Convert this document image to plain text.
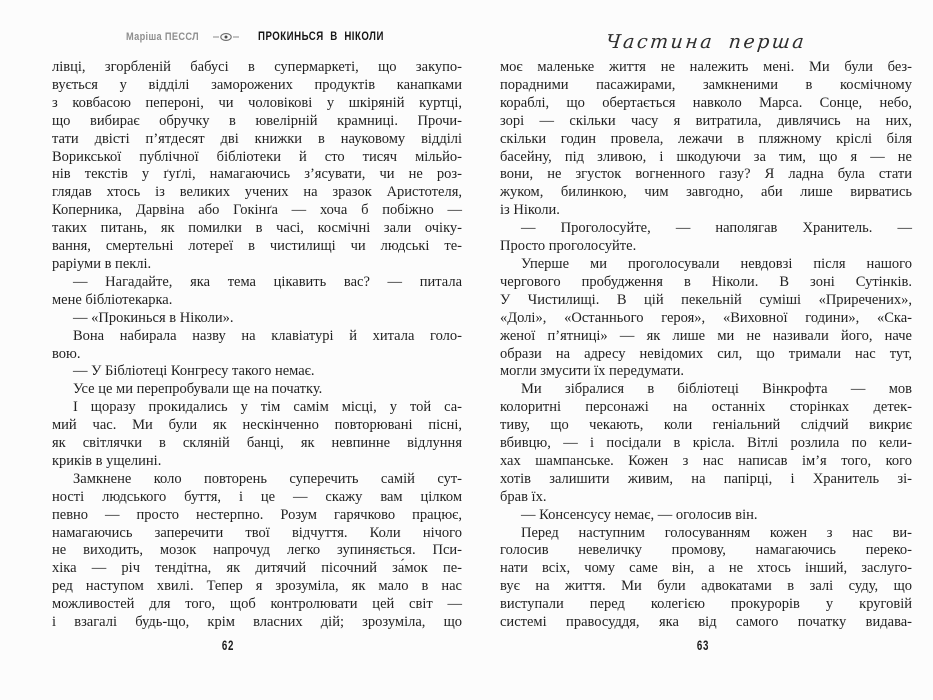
Маріша ПЕССЛ	ПРОКИНЬСЯ В НІКОЛИ
лівці, згорбленій бабусі в супермаркеті, що закупо-
вується у відділі заморожених продуктів канапками
з ковбасою пепероні, чи чоловікові у шкіряній куртці,
що вибирає обручку в ювелірній крамниці. Прочи-
тати двісті п’ятдесят дві книжки в науковому відділі
Ворикської публічної бібліотеки й сто тисяч мільйо-
нів текстів у ґуґлі, намагаючись з’ясувати, чи не роз-
глядав хтось із великих учених на зразок Аристотеля,
Коперника, Дарвіна або Гокінґа — хоча б побіжно —
таких питань, як помилки в часі, космічні зали очіку-
вання, смертельні лотереї в чистилищі чи людські те-
раріуми в пеклі.
— Нагадайте, яка тема цікавить вас? — питала
мене бібліотекарка.
— «Прокинься в Ніколи».
Вона набирала назву на клавіатурі й хитала голо-
вою.
— У Бібліотеці Конгресу такого немає.
Усе це ми перепробували ще на початку.
І щоразу прокидались у тім самім місці, у той са-
мий час. Ми були як нескінченно повторювані пісні,
як світлячки в скляній банці, як невпинне відлуння
криків в ущелині.
Замкнене коло повторень суперечить самій сут-
ності людського буття, і це — скажу вам цілком
певно — просто нестерпно. Розум гарячково працює,
намагаючись заперечити твої відчуття. Коли нічого
не виходить, мозок напрочуд легко зупиняється. Пси-
хіка — річ тендітна, як дитячий пісочний за́мок пе-
ред наступом хвилі. Тепер я зрозуміла, як мало в нас
можливостей для того, щоб контролювати цей світ —
і взагалі будь-що, крім власних дій; зрозуміла, що
62
Частина перша
моє маленьке життя не належить мені. Ми були без-
порадними пасажирами, замкненими в космічному
кораблі, що обертається навколо Марса. Сонце, небо,
зорі — скільки часу я витратила, дивлячись на них,
скільки годин провела, лежачи в пляжному кріслі біля
басейну, під зливою, і шкодуючи за тим, що я — не
вони, не згусток вогненного газу? Я ладна була стати
жуком, билинкою, чим завгодно, аби лише вирватись
із Ніколи.
— Проголосуйте, — наполягав Хранитель. —
Просто проголосуйте.
Уперше ми проголосували невдовзі після нашого
чергового пробудження в Ніколи. В зоні Сутінків.
У Чистилищі. В цій пекельній суміші «Приречених»,
«Долі», «Останнього героя», «Виховної години», «Ска-
женої п’ятниці» — як лише ми не називали його, наче
образи на адресу невідомих сил, що тримали нас тут,
могли змусити їх передумати.
Ми зібралися в бібліотеці Вінкрофта — мов
колоритні персонажі на останніх сторінках детек-
тиву, що чекають, коли геніальний слідчий викриє
вбивцю, — і посідали в крісла. Вітлі розлила по кели-
хах шампанське. Кожен з нас написав ім’я того, кого
хотів залишити живим, на папірці, і Хранитель зі-
брав їх.
— Консенсусу немає, — оголосив він.
Перед наступним голосуванням кожен з нас ви-
голосив невеличку промову, намагаючись переко-
нати всіх, чому саме він, а не хтось інший, заслуго-
вує на життя. Ми були адвокатами в залі суду, що
виступали перед колегією прокурорів у круговій
системі правосуддя, яка від самого початку видава-
63
